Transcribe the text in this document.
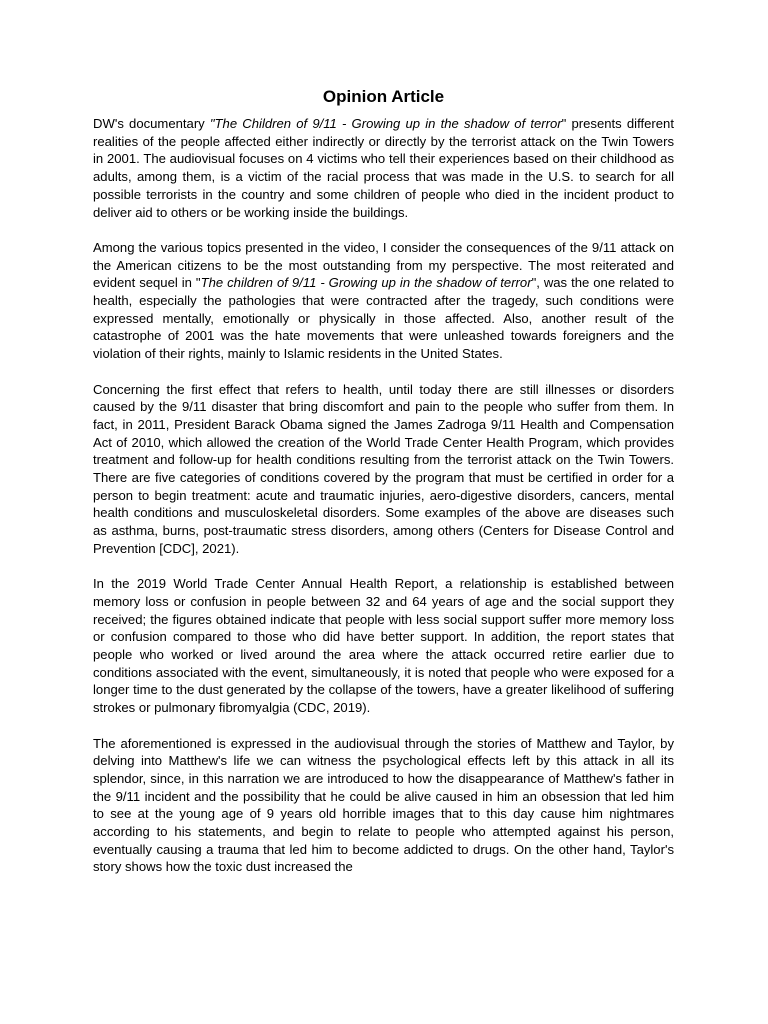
Opinion Article

DW's documentary "The Children of 9/11 - Growing up in the shadow of terror" presents different realities of the people affected either indirectly or directly by the terrorist attack on the Twin Towers in 2001. The audiovisual focuses on 4 victims who tell their experiences based on their childhood as adults, among them, is a victim of the racial process that was made in the U.S. to search for all possible terrorists in the country and some children of people who died in the incident product to deliver aid to others or be working inside the buildings.

Among the various topics presented in the video, I consider the consequences of the 9/11 attack on the American citizens to be the most outstanding from my perspective. The most reiterated and evident sequel in "The children of 9/11 - Growing up in the shadow of terror", was the one related to health, especially the pathologies that were contracted after the tragedy, such conditions were expressed mentally, emotionally or physically in those affected. Also, another result of the catastrophe of 2001 was the hate movements that were unleashed towards foreigners and the violation of their rights, mainly to Islamic residents in the United States.

Concerning the first effect that refers to health, until today there are still illnesses or disorders caused by the 9/11 disaster that bring discomfort and pain to the people who suffer from them. In fact, in 2011, President Barack Obama signed the James Zadroga 9/11 Health and Compensation Act of 2010, which allowed the creation of the World Trade Center Health Program, which provides treatment and follow-up for health conditions resulting from the terrorist attack on the Twin Towers. There are five categories of conditions covered by the program that must be certified in order for a person to begin treatment: acute and traumatic injuries, aero-digestive disorders, cancers, mental health conditions and musculoskeletal disorders. Some examples of the above are diseases such as asthma, burns, post-traumatic stress disorders, among others (Centers for Disease Control and Prevention [CDC], 2021).

In the 2019 World Trade Center Annual Health Report, a relationship is established between memory loss or confusion in people between 32 and 64 years of age and the social support they received; the figures obtained indicate that people with less social support suffer more memory loss or confusion compared to those who did have better support. In addition, the report states that people who worked or lived around the area where the attack occurred retire earlier due to conditions associated with the event, simultaneously, it is noted that people who were exposed for a longer time to the dust generated by the collapse of the towers, have a greater likelihood of suffering strokes or pulmonary fibromyalgia (CDC, 2019).

The aforementioned is expressed in the audiovisual through the stories of Matthew and Taylor, by delving into Matthew's life we can witness the psychological effects left by this attack in all its splendor, since, in this narration we are introduced to how the disappearance of Matthew's father in the 9/11 incident and the possibility that he could be alive caused in him an obsession that led him to see at the young age of 9 years old horrible images that to this day cause him nightmares according to his statements, and begin to relate to people who attempted against his person, eventually causing a trauma that led him to become addicted to drugs. On the other hand, Taylor's story shows how the toxic dust increased the
